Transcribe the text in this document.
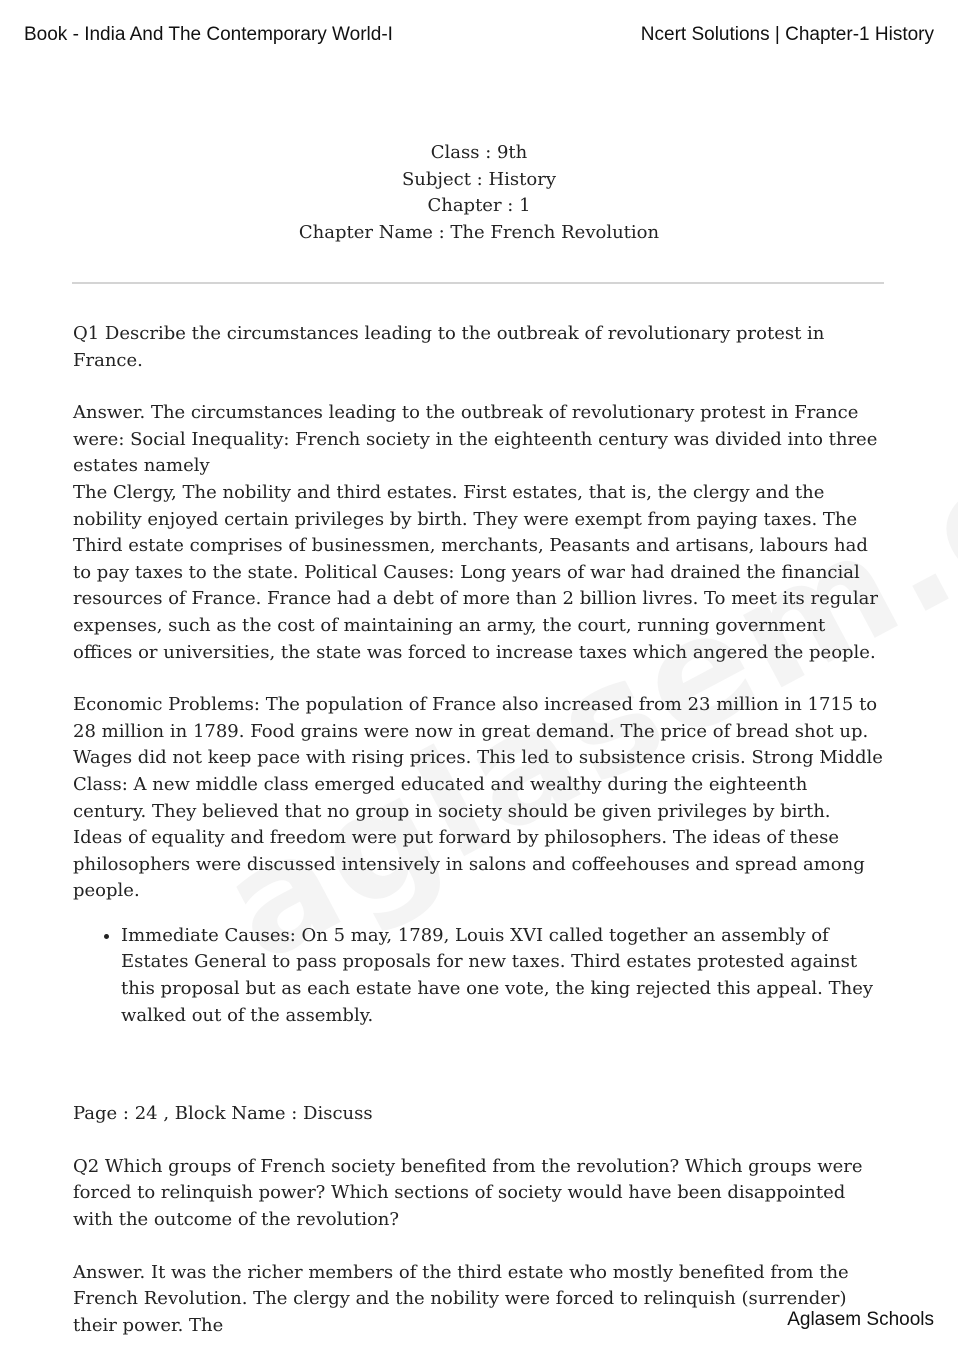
Book - India And The Contemporary World-I	Ncert Solutions | Chapter-1 History
Class : 9th
Subject : History
Chapter : 1
Chapter Name : The French Revolution

Q1 Describe the circumstances leading to the outbreak of revolutionary protest in France.

Answer. The circumstances leading to the outbreak of revolutionary protest in France were: Social Inequality: French society in the eighteenth century was divided into three estates namely

The Clergy, The nobility and third estates. First estates, that is, the clergy and the nobility enjoyed certain privileges by birth. They were exempt from paying taxes. The Third estate comprises of businessmen, merchants, Peasants and artisans, labours had to pay taxes to the state. Political Causes: Long years of war had drained the financial resources of France. France had a debt of more than 2 billion livres. To meet its regular expenses, such as the cost of maintaining an army, the court, running government offices or universities, the state was forced to increase taxes which angered the people.

Economic Problems: The population of France also increased from 23 million in 1715 to 28 million in 1789. Food grains were now in great demand. The price of bread shot up. Wages did not keep pace with rising prices. This led to subsistence crisis. Strong Middle Class: A new middle class emerged educated and wealthy during the eighteenth century. They believed that no group in society should be given privileges by birth. Ideas of equality and freedom were put forward by philosophers. The ideas of these philosophers were discussed intensively in salons and coffeehouses and spread among people.

• Immediate Causes: On 5 may, 1789, Louis XVI called together an assembly of Estates General to pass proposals for new taxes. Third estates protested against this proposal but as each estate have one vote, the king rejected this appeal. They walked out of the assembly.

Page : 24 , Block Name : Discuss

Q2 Which groups of French society benefited from the revolution? Which groups were forced to relinquish power? Which sections of society would have been disappointed with the outcome of the revolution?

Answer. It was the richer members of the third estate who mostly benefited from the French Revolution. The clergy and the nobility were forced to relinquish (surrender) their power. The	Aglasem Schools
